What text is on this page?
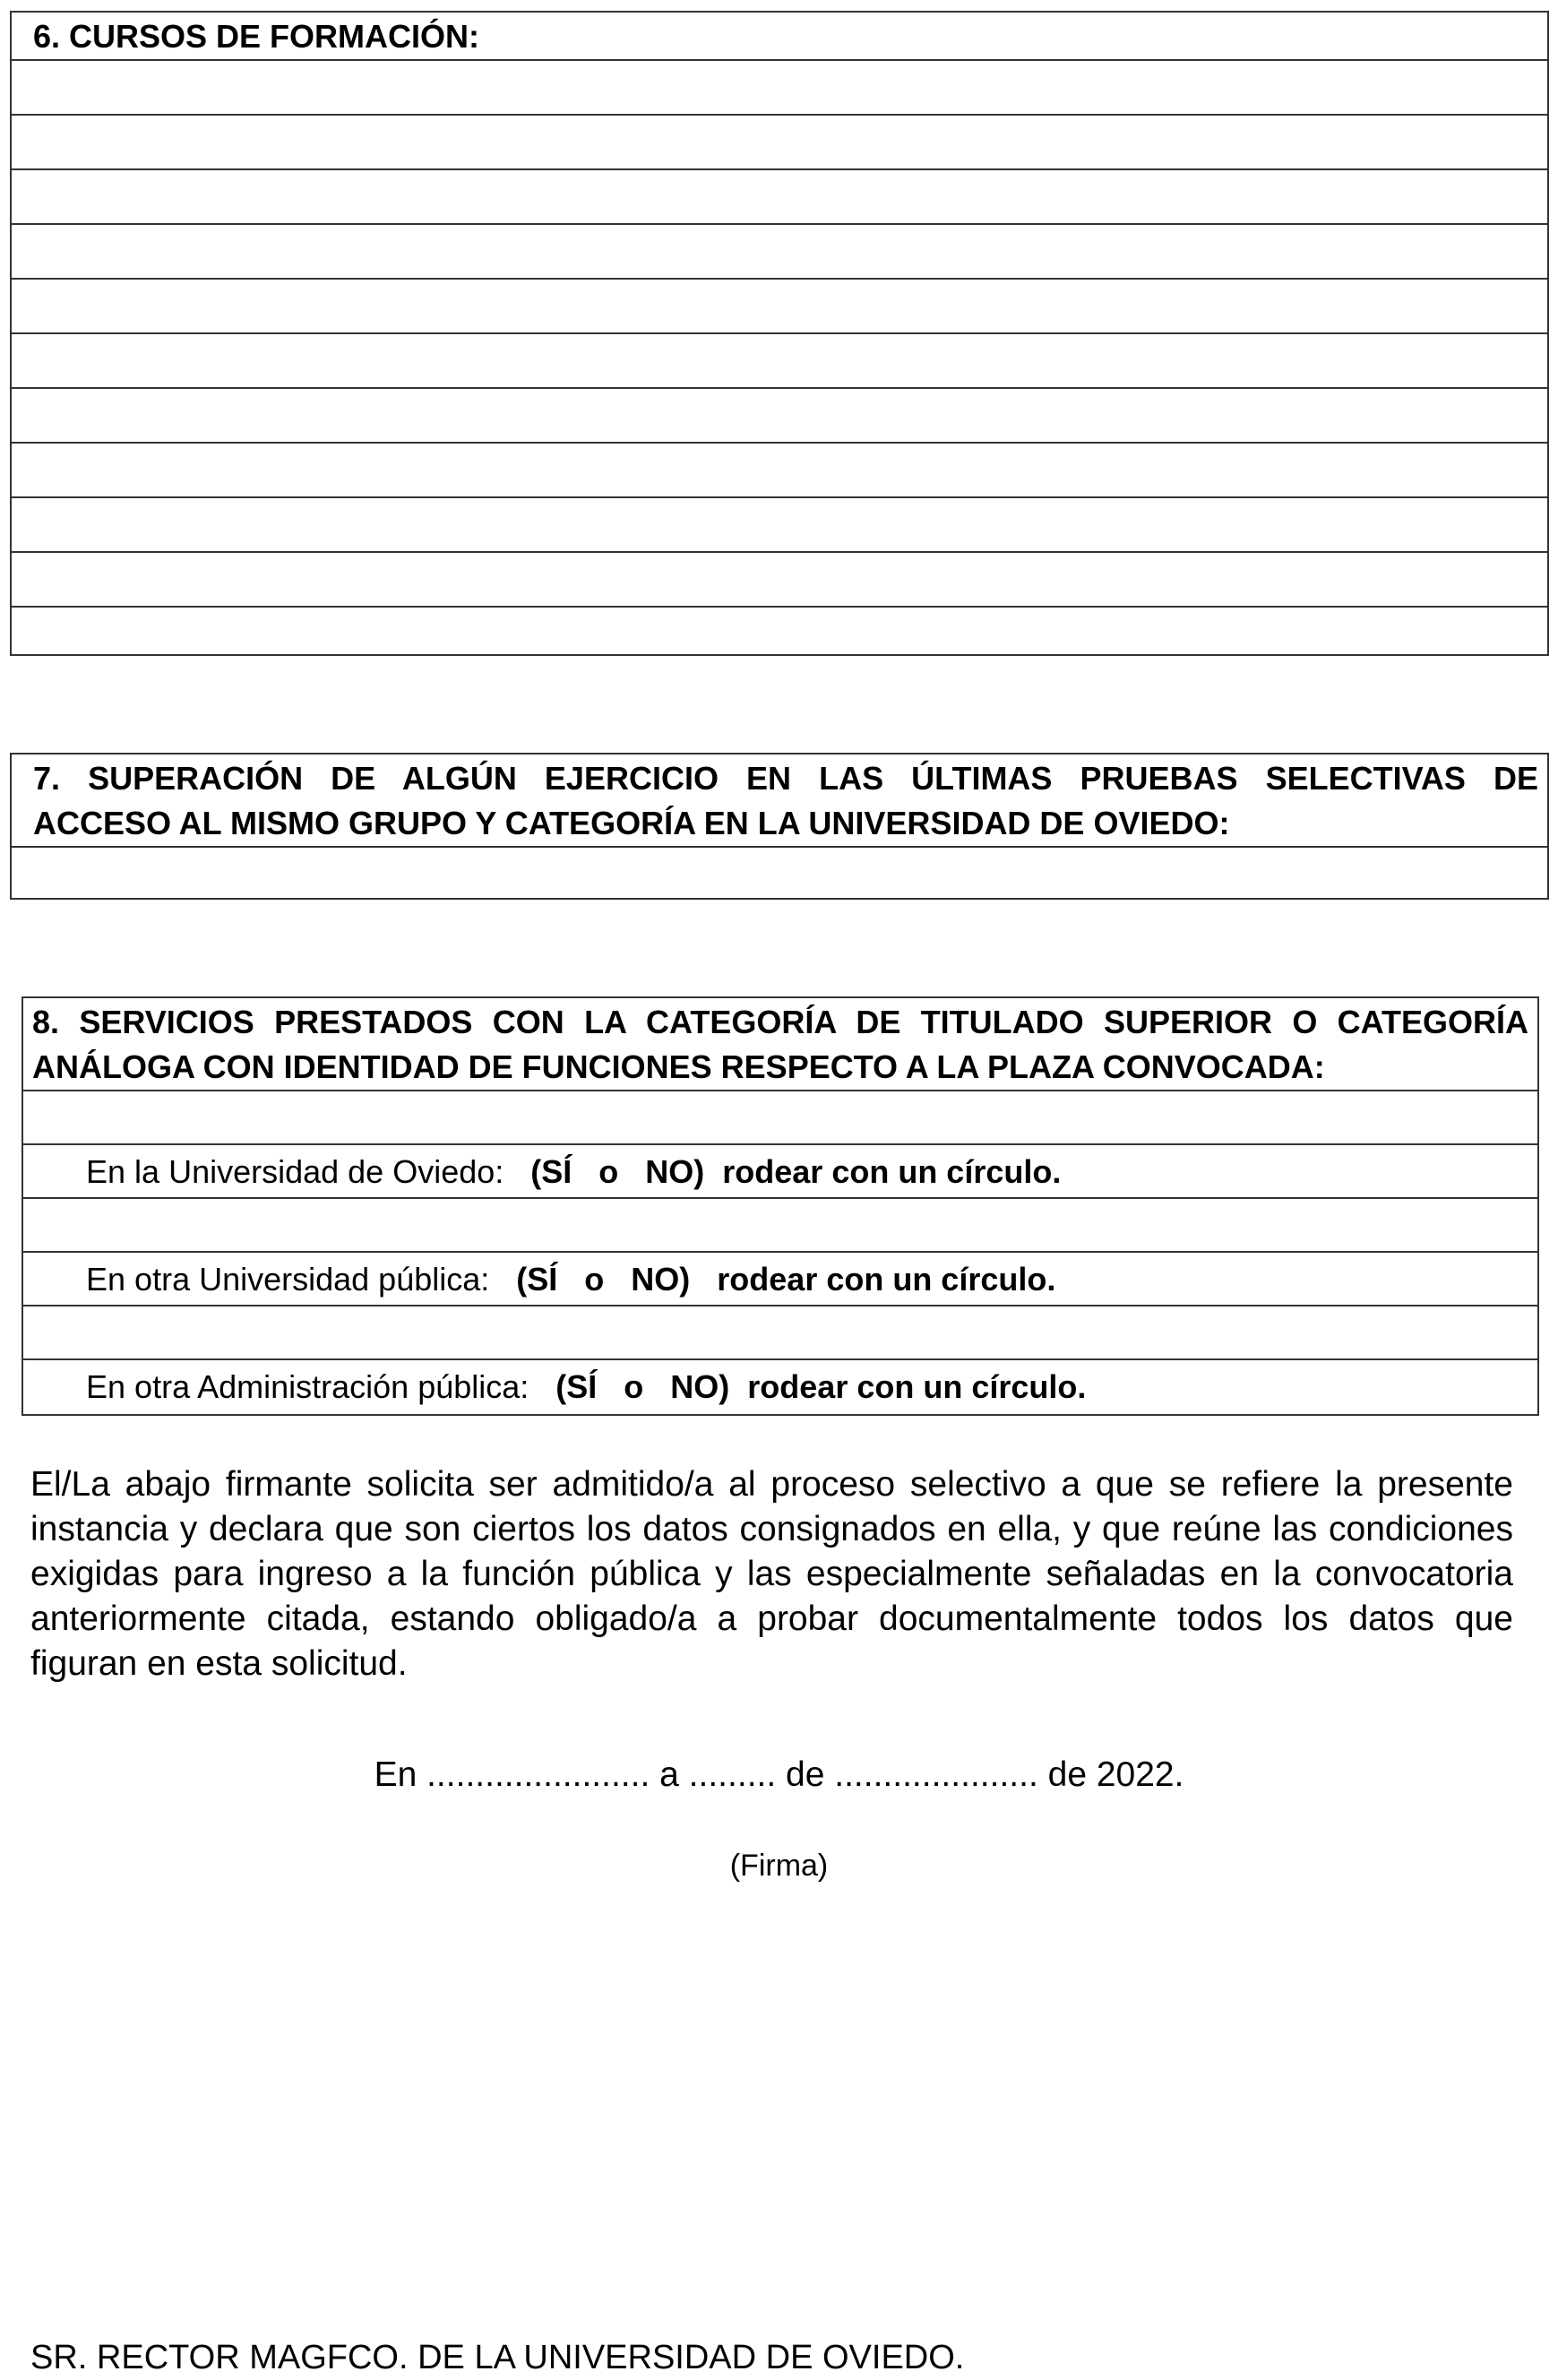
6. CURSOS DE FORMACIÓN:
7. SUPERACIÓN DE ALGÚN EJERCICIO EN LAS ÚLTIMAS PRUEBAS SELECTIVAS DE
ACCESO AL MISMO GRUPO Y CATEGORÍA EN LA UNIVERSIDAD DE OVIEDO:
8. SERVICIOS PRESTADOS CON LA CATEGORÍA DE TITULADO SUPERIOR O CATEGORÍA
ANÁLOGA CON IDENTIDAD DE FUNCIONES RESPECTO A LA PLAZA CONVOCADA:

En la Universidad de Oviedo:   (SÍ   o   NO)  rodear con un círculo.

En otra Universidad pública:   (SÍ   o   NO)   rodear con un círculo.

En otra Administración pública:   (SÍ   o   NO)  rodear con un círculo.

El/La abajo firmante solicita ser admitido/a al proceso selectivo a que se refiere la presente instancia y declara que son ciertos los datos consignados en ella, y que reúne las condiciones exigidas para ingreso a la función pública y las especialmente señaladas en la convocatoria anteriormente citada, estando obligado/a a probar documentalmente todos los datos que figuran en esta solicitud.
En ....................... a ......... de ..................... de 2022.
(Firma)
SR. RECTOR MAGFCO. DE LA UNIVERSIDAD DE OVIEDO.
